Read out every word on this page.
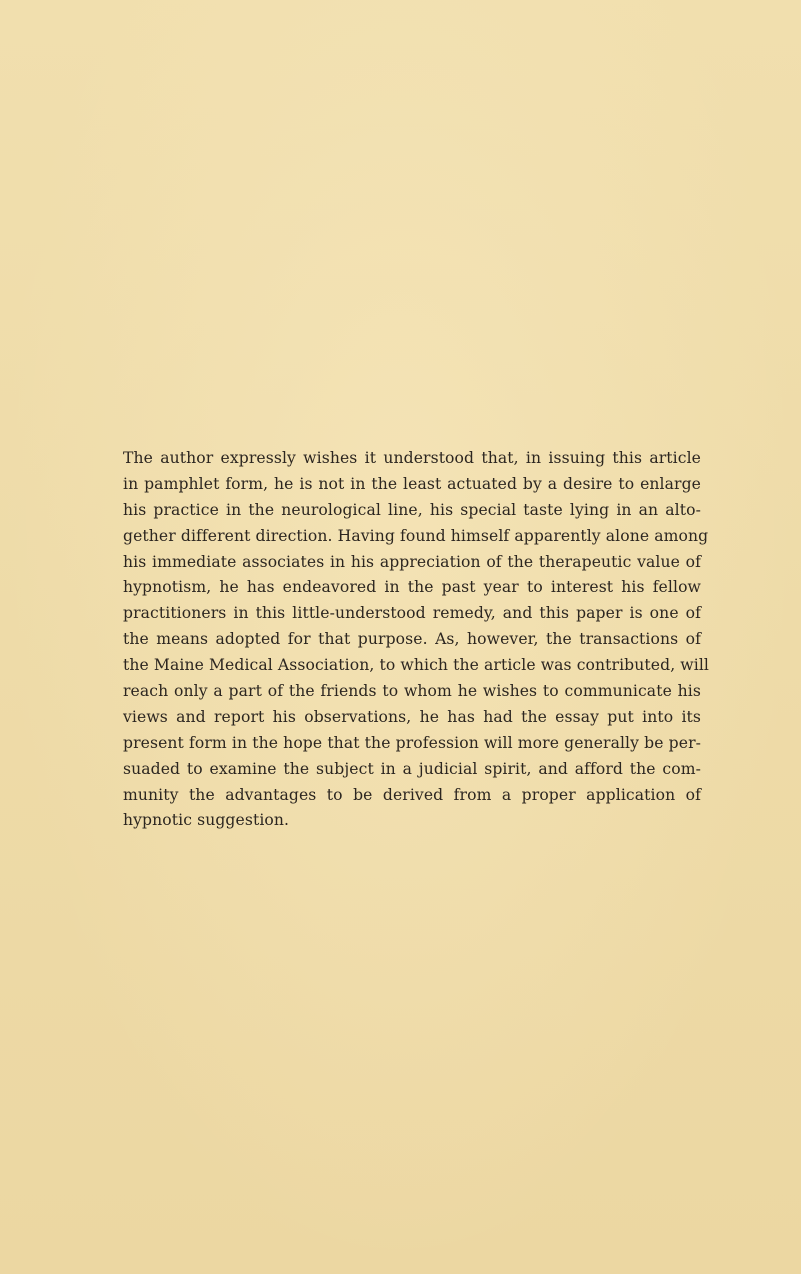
The author expressly wishes it understood that, in issuing this article
in pamphlet form, he is not in the least actuated by a desire to enlarge
his practice in the neurological line, his special taste lying in an alto-
gether different direction. Having found himself apparently alone among
his immediate associates in his appreciation of the therapeutic value of
hypnotism, he has endeavored in the past year to interest his fellow
practitioners in this little-understood remedy, and this paper is one of
the means adopted for that purpose. As, however, the transactions of
the Maine Medical Association, to which the article was contributed, will
reach only a part of the friends to whom he wishes to communicate his
views and report his observations, he has had the essay put into its
present form in the hope that the profession will more generally be per-
suaded to examine the subject in a judicial spirit, and afford the com-
munity the advantages to be derived from a proper application of
hypnotic suggestion.
